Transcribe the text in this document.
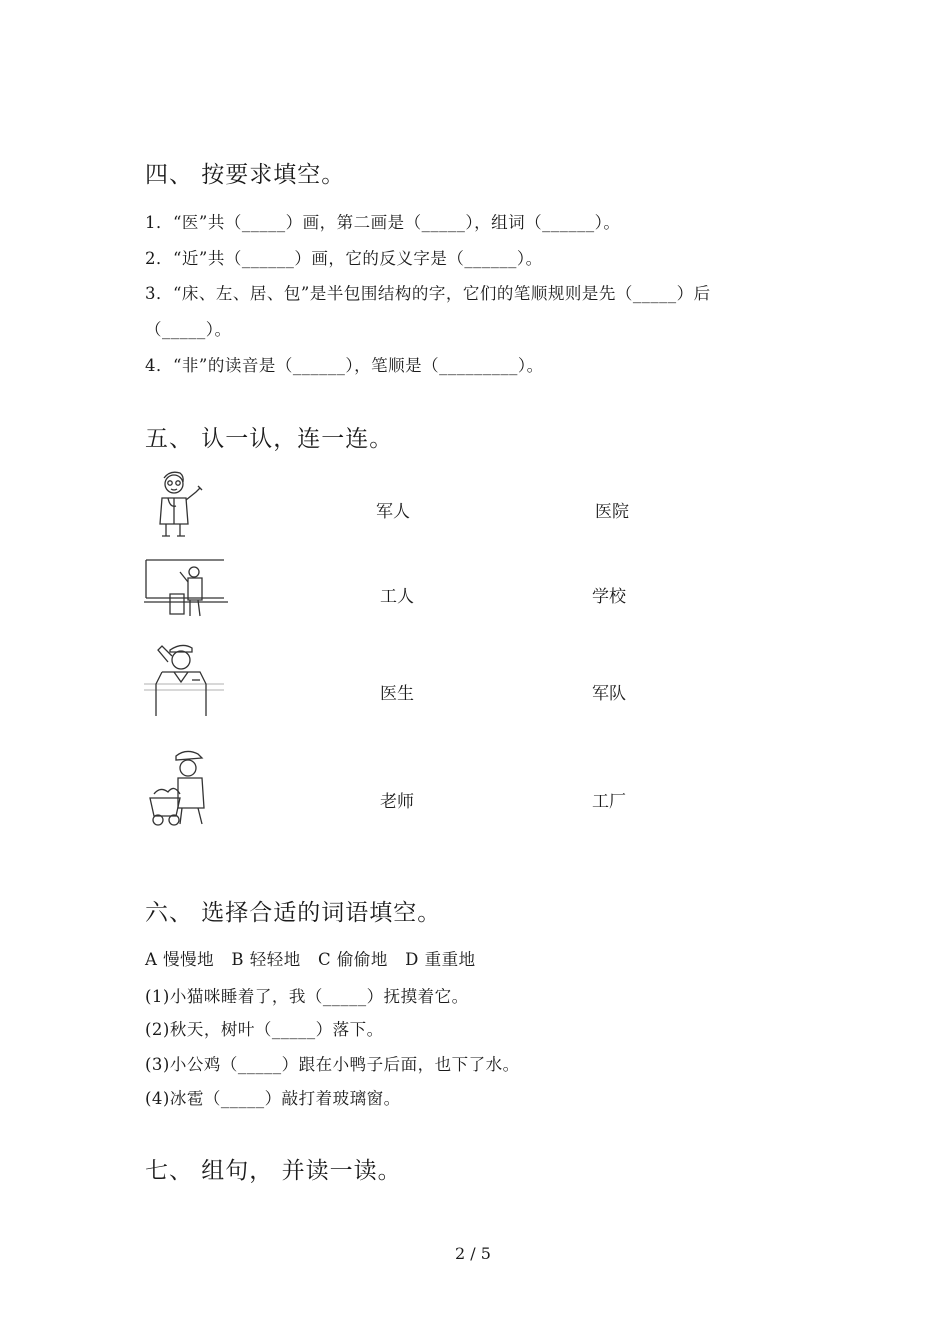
四、 按要求填空。
1．“医”共（_____）画，第二画是（_____），组词（______）。
2．“近”共（______）画，它的反义字是（______）。
3．“床、左、居、包”是半包围结构的字，它们的笔顺规则是先（_____）后
（_____）。
4．“非”的读音是（______），笔顺是（_________）。
五、 认一认，连一连。
军人	医院
工人	学校
医生	军队
老师	工厂
六、 选择合适的词语填空。
A 慢慢地   B 轻轻地   C 偷偷地   D 重重地
(1)小猫咪睡着了，我（_____）抚摸着它。
(2)秋天，树叶（_____）落下。
(3)小公鸡（_____）跟在小鸭子后面，也下了水。
(4)冰雹（_____）敲打着玻璃窗。
七、 组句， 并读一读。
2 / 5
